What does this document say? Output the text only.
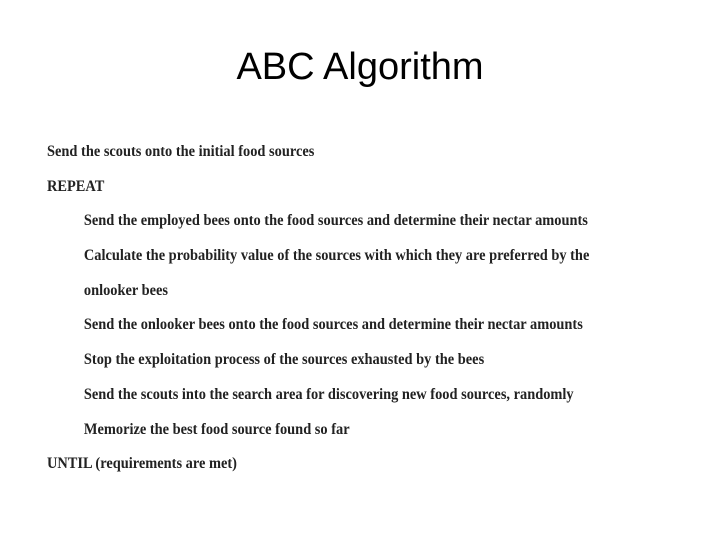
ABC Algorithm
Send the scouts onto the initial food sources
REPEAT
Send the employed bees onto the food sources and determine their nectar amounts
Calculate the probability value of the sources with which they are preferred by the
onlooker bees
Send the onlooker bees onto the food sources and determine their nectar amounts
Stop the exploitation process of the sources exhausted by the bees
Send the scouts into the search area for discovering new food sources, randomly
Memorize the best food source found so far
UNTIL (requirements are met)
